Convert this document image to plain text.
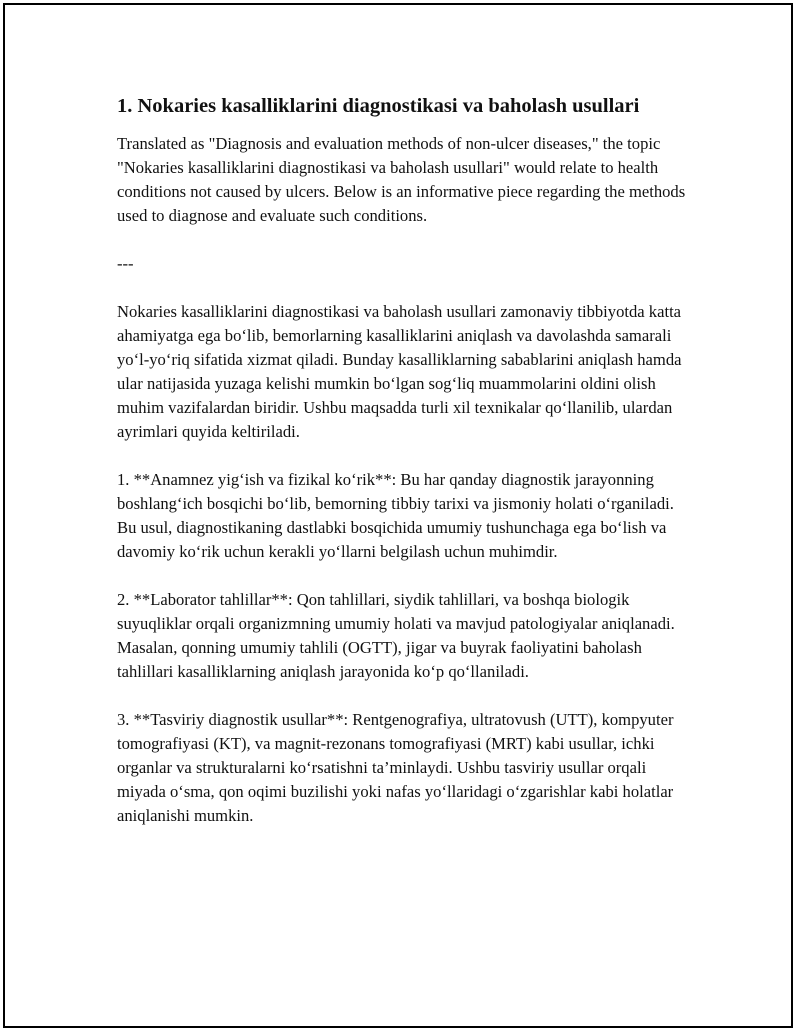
1. Nokaries kasalliklarini diagnostikasi va baholash usullari

Translated as "Diagnosis and evaluation methods of non-ulcer diseases," the topic "Nokaries kasalliklarini diagnostikasi va baholash usullari" would relate to health conditions not caused by ulcers. Below is an informative piece regarding the methods used to diagnose and evaluate such conditions.

---

Nokaries kasalliklarini diagnostikasi va baholash usullari zamonaviy tibbiyotda katta ahamiyatga ega bo‘lib, bemorlarning kasalliklarini aniqlash va davolashda samarali yo‘l-yo‘riq sifatida xizmat qiladi. Bunday kasalliklarning sabablarini aniqlash hamda ular natijasida yuzaga kelishi mumkin bo‘lgan sog‘liq muammolarini oldini olish muhim vazifalardan biridir. Ushbu maqsadda turli xil texnikalar qo‘llanilib, ulardan ayrimlari quyida keltiriladi.

1. **Anamnez yig‘ish va fizikal ko‘rik**: Bu har qanday diagnostik jarayonning boshlang‘ich bosqichi bo‘lib, bemorning tibbiy tarixi va jismoniy holati o‘rganiladi. Bu usul, diagnostikaning dastlabki bosqichida umumiy tushunchaga ega bo‘lish va davomiy ko‘rik uchun kerakli yo‘llarni belgilash uchun muhimdir.

2. **Laborator tahlillar**: Qon tahlillari, siydik tahlillari, va boshqa biologik suyuqliklar orqali organizmning umumiy holati va mavjud patologiyalar aniqlanadi. Masalan, qonning umumiy tahlili (OGTT), jigar va buyrak faoliyatini baholash tahlillari kasalliklarning aniqlash jarayonida ko‘p qo‘llaniladi.

3. **Tasviriy diagnostik usullar**: Rentgenografiya, ultratovush (UTT), kompyuter tomografiyasi (KT), va magnit-rezonans tomografiyasi (MRT) kabi usullar, ichki organlar va strukturalarni ko‘rsatishni ta’minlaydi. Ushbu tasviriy usullar orqali miyada o‘sma, qon oqimi buzilishi yoki nafas yo‘llaridagi o‘zgarishlar kabi holatlar aniqlanishi mumkin.
